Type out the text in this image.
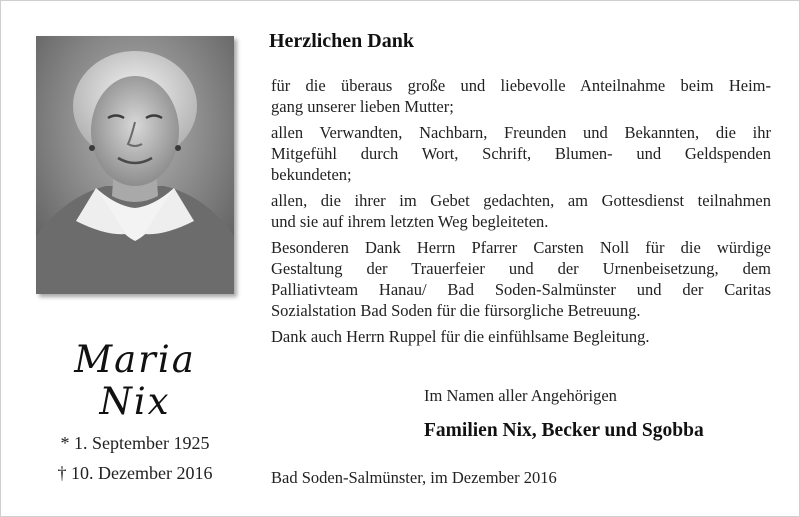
Maria
Nix
* 1. September 1925
† 10. Dezember 2016
Herzlichen Dank

für die überaus große und liebevolle Anteilnahme beim Heim-
gang unserer lieben Mutter;

allen Verwandten, Nachbarn, Freunden und Bekannten, die ihr
Mitgefühl durch Wort, Schrift, Blumen- und Geldspenden
bekundeten;

allen, die ihrer im Gebet gedachten, am Gottesdienst teilnahmen
und sie auf ihrem letzten Weg begleiteten.

Besonderen Dank Herrn Pfarrer Carsten Noll für die würdige
Gestaltung der Trauerfeier und der Urnenbeisetzung, dem
Palliativteam Hanau/ Bad Soden-Salmünster und der Caritas
Sozialstation Bad Soden für die fürsorgliche Betreuung.

Dank auch Herrn Ruppel für die einfühlsame Begleitung.

Im Namen aller Angehörigen
Familien Nix, Becker und Sgobba
Bad Soden-Salmünster, im Dezember 2016
